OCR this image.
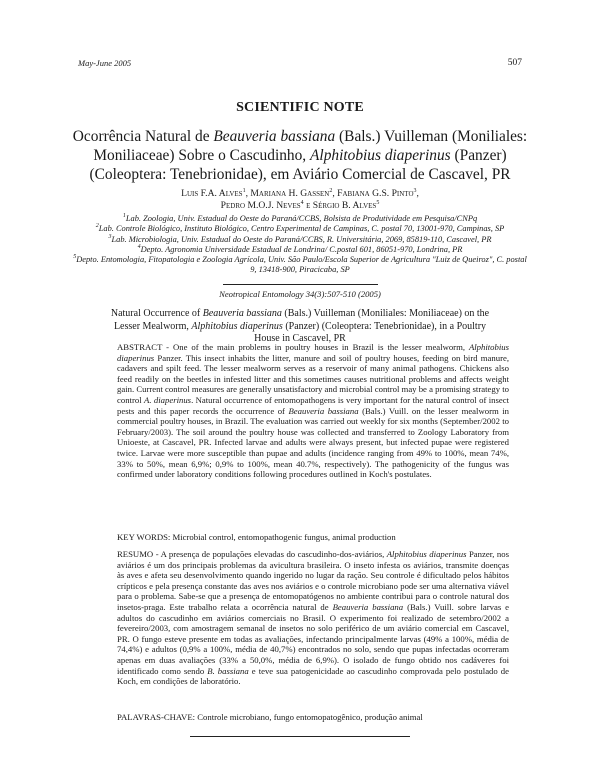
May-June 2005	507
SCIENTIFIC NOTE
Ocorrência Natural de Beauveria bassiana (Bals.) Vuilleman (Moniliales: Moniliaceae) Sobre o Cascudinho, Alphitobius diaperinus (Panzer) (Coleoptera: Tenebrionidae), em Aviário Comercial de Cascavel, PR
Luis F.A. Alves$^1$, Mariana H. Gassen$^2$, Fabiana G.S. Pinto$^3$,
Pedro M.O.J. Neves$^4$ e Sérgio B. Alves$^5$
$^1$Lab. Zoologia, Univ. Estadual do Oeste do Paraná/CCBS, Bolsista de Produtividade em Pesquisa/CNPq
$^2$Lab. Controle Biológico, Instituto Biológico, Centro Experimental de Campinas, C. postal 70, 13001-970, Campinas, SP
$^3$Lab. Microbiologia, Univ. Estadual do Oeste do Paraná/CCBS, R. Universitária, 2069, 85819-110, Cascavel, PR
$^4$Depto. Agronomia Universidade Estadual de Londrina/ C.postal 601, 86051-970, Londrina, PR
$^5$Depto. Entomologia, Fitopatologia e Zoologia Agrícola, Univ. São Paulo/Escola Superior de Agricultura "Luiz de Queiroz", C. postal 9, 13418-900, Piracicaba, SP
Neotropical Entomology 34(3):507-510 (2005)
Natural Occurrence of Beauveria bassiana (Bals.) Vuilleman (Moniliales: Moniliaceae) on the Lesser Mealworm, Alphitobius diaperinus (Panzer) (Coleoptera: Tenebrionidae), in a Poultry House in Cascavel, PR
ABSTRACT - One of the main problems in poultry houses in Brazil is the lesser mealworm, Alphitobius diaperinus Panzer. This insect inhabits the litter, manure and soil of poultry houses, feeding on bird manure, cadavers and spilt feed. The lesser mealworm serves as a reservoir of many animal pathogens. Chickens also feed readily on the beetles in infested litter and this sometimes causes nutritional problems and affects weight gain. Current control measures are generally unsatisfactory and microbial control may be a promising strategy to control A. diaperinus. Natural occurrence of entomopathogens is very important for the natural control of insect pests and this paper records the occurrence of Beauveria bassiana (Bals.) Vuill. on the lesser mealworm in commercial poultry houses, in Brazil. The evaluation was carried out weekly for six months (September/2002 to February/2003). The soil around the poultry house was collected and transferred to Zoology Laboratory from Unioeste, at Cascavel, PR. Infected larvae and adults were always present, but infected pupae were registered twice. Larvae were more susceptible than pupae and adults (incidence ranging from 49% to 100%, mean 74%, 33% to 50%, mean 6,9%; 0,9% to 100%, mean 40.7%, respectively). The pathogenicity of the fungus was confirmed under laboratory conditions following procedures outlined in Koch's postulates.
KEY WORDS: Microbial control, entomopathogenic fungus, animal production
RESUMO - A presença de populações elevadas do cascudinho-dos-aviários, Alphitobius diaperinus Panzer, nos aviários é um dos principais problemas da avicultura brasileira. O inseto infesta os aviários, transmite doenças às aves e afeta seu desenvolvimento quando ingerido no lugar da ração. Seu controle é dificultado pelos hábitos crípticos e pela presença constante das aves nos aviários e o controle microbiano pode ser uma alternativa viável para o problema. Sabe-se que a presença de entomopatógenos no ambiente contribui para o controle natural dos insetos-praga. Este trabalho relata a ocorrência natural de Beauveria bassiana (Bals.) Vuill. sobre larvas e adultos do cascudinho em aviários comerciais no Brasil. O experimento foi realizado de setembro/2002 a fevereiro/2003, com amostragem semanal de insetos no solo periférico de um aviário comercial em Cascavel, PR. O fungo esteve presente em todas as avaliações, infectando principalmente larvas (49% a 100%, média de 74,4%) e adultos (0,9% a 100%, média de 40,7%) encontrados no solo, sendo que pupas infectadas ocorreram apenas em duas avaliações (33% a 50,0%, média de 6,9%). O isolado de fungo obtido nos cadáveres foi identificado como sendo B. bassiana e teve sua patogenicidade ao cascudinho comprovada pelo postulado de Koch, em condições de laboratório.
PALAVRAS-CHAVE: Controle microbiano, fungo entomopatogênico, produção animal
